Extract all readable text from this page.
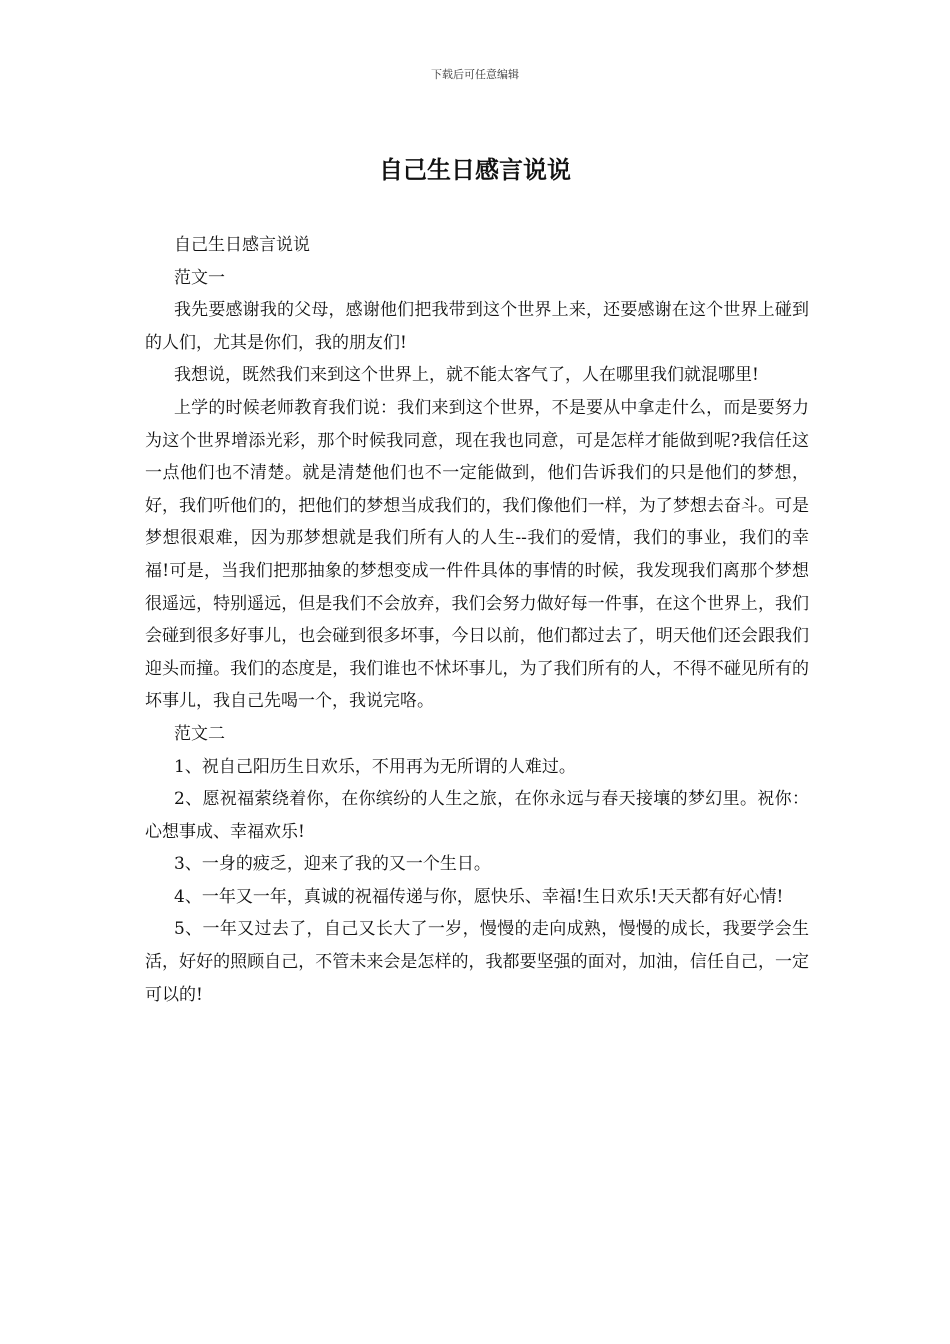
下载后可任意编辑
自己生日感言说说

自己生日感言说说

范文一

我先要感谢我的父母，感谢他们把我带到这个世界上来，还要感谢在这个世界上碰到的人们，尤其是你们，我的朋友们!

我想说，既然我们来到这个世界上，就不能太客气了，人在哪里我们就混哪里!

上学的时候老师教育我们说：我们来到这个世界，不是要从中拿走什么，而是要努力为这个世界增添光彩，那个时候我同意，现在我也同意，可是怎样才能做到呢?我信任这一点他们也不清楚。就是清楚他们也不一定能做到，他们告诉我们的只是他们的梦想，好，我们听他们的，把他们的梦想当成我们的，我们像他们一样，为了梦想去奋斗。可是梦想很艰难，因为那梦想就是我们所有人的人生--我们的爱情，我们的事业，我们的幸福!可是，当我们把那抽象的梦想变成一件件具体的事情的时候，我发现我们离那个梦想很遥远，特别遥远，但是我们不会放弃，我们会努力做好每一件事，在这个世界上，我们会碰到很多好事儿，也会碰到很多坏事，今日以前，他们都过去了，明天他们还会跟我们迎头而撞。我们的态度是，我们谁也不怵坏事儿，为了我们所有的人，不得不碰见所有的坏事儿，我自己先喝一个，我说完咯。

范文二

1、祝自己阳历生日欢乐，不用再为无所谓的人难过。

2、愿祝福萦绕着你，在你缤纷的人生之旅，在你永远与春天接壤的梦幻里。祝你：心想事成、幸福欢乐!

3、一身的疲乏，迎来了我的又一个生日。

4、一年又一年，真诚的祝福传递与你，愿快乐、幸福!生日欢乐!天天都有好心情!

5、一年又过去了，自己又长大了一岁，慢慢的走向成熟，慢慢的成长，我要学会生活，好好的照顾自己，不管未来会是怎样的，我都要坚强的面对，加油，信任自己，一定可以的!
